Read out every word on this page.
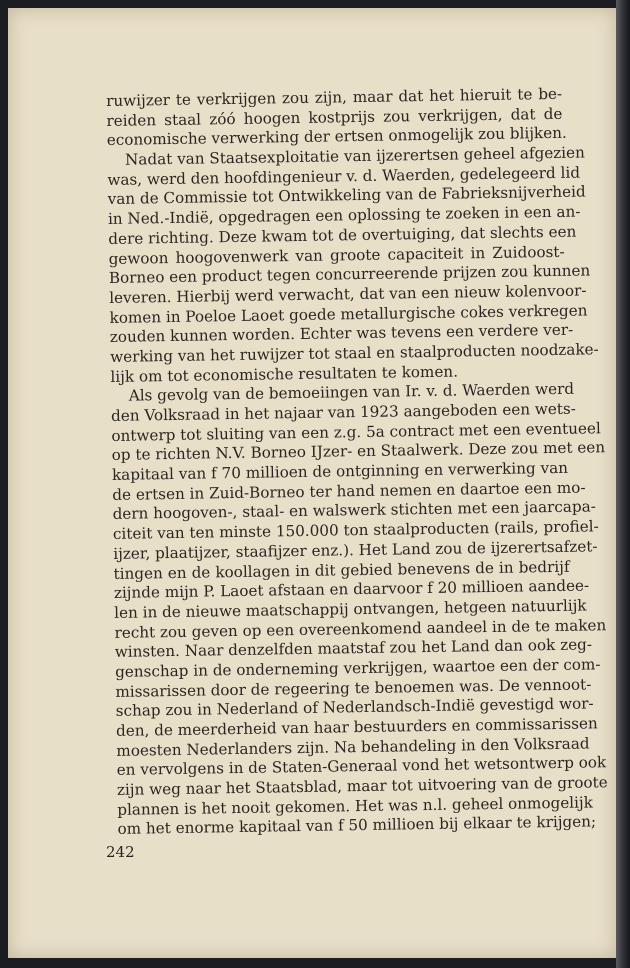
ruwijzer te verkrijgen zou zijn, maar dat het hieruit te be-
reiden staal zóó hoogen kostprijs zou verkrijgen, dat de
economische verwerking der ertsen onmogelijk zou blijken.
Nadat van Staatsexploitatie van ijzerertsen geheel afgezien
was, werd den hoofdingenieur v. d. Waerden, gedelegeerd lid
van de Commissie tot Ontwikkeling van de Fabrieksnijverheid
in Ned.-Indië, opgedragen een oplossing te zoeken in een an-
dere richting. Deze kwam tot de overtuiging, dat slechts een
gewoon hoogovenwerk van groote capaciteit in Zuidoost-
Borneo een product tegen concurreerende prijzen zou kunnen
leveren. Hierbij werd verwacht, dat van een nieuw kolenvoor-
komen in Poeloe Laoet goede metallurgische cokes verkregen
zouden kunnen worden. Echter was tevens een verdere ver-
werking van het ruwijzer tot staal en staalproducten noodzake-
lijk om tot economische resultaten te komen.
Als gevolg van de bemoeiingen van Ir. v. d. Waerden werd
den Volksraad in het najaar van 1923 aangeboden een wets-
ontwerp tot sluiting van een z.g. 5a contract met een eventueel
op te richten N.V. Borneo IJzer- en Staalwerk. Deze zou met een
kapitaal van f 70 millioen de ontginning en verwerking van
de ertsen in Zuid-Borneo ter hand nemen en daartoe een mo-
dern hoogoven-, staal- en walswerk stichten met een jaarcapa-
citeit van ten minste 150.000 ton staalproducten (rails, profiel-
ijzer, plaatijzer, staafijzer enz.). Het Land zou de ijzerertsafzet-
tingen en de koollagen in dit gebied benevens de in bedrijf
zijnde mijn P. Laoet afstaan en daarvoor f 20 millioen aandee-
len in de nieuwe maatschappij ontvangen, hetgeen natuurlijk
recht zou geven op een overeenkomend aandeel in de te maken
winsten. Naar denzelfden maatstaf zou het Land dan ook zeg-
genschap in de onderneming verkrijgen, waartoe een der com-
missarissen door de regeering te benoemen was. De vennoot-
schap zou in Nederland of Nederlandsch-Indië gevestigd wor-
den, de meerderheid van haar bestuurders en commissarissen
moesten Nederlanders zijn. Na behandeling in den Volksraad
en vervolgens in de Staten-Generaal vond het wetsontwerp ook
zijn weg naar het Staatsblad, maar tot uitvoering van de groote
plannen is het nooit gekomen. Het was n.l. geheel onmogelijk
om het enorme kapitaal van f 50 millioen bij elkaar te krijgen;
242
